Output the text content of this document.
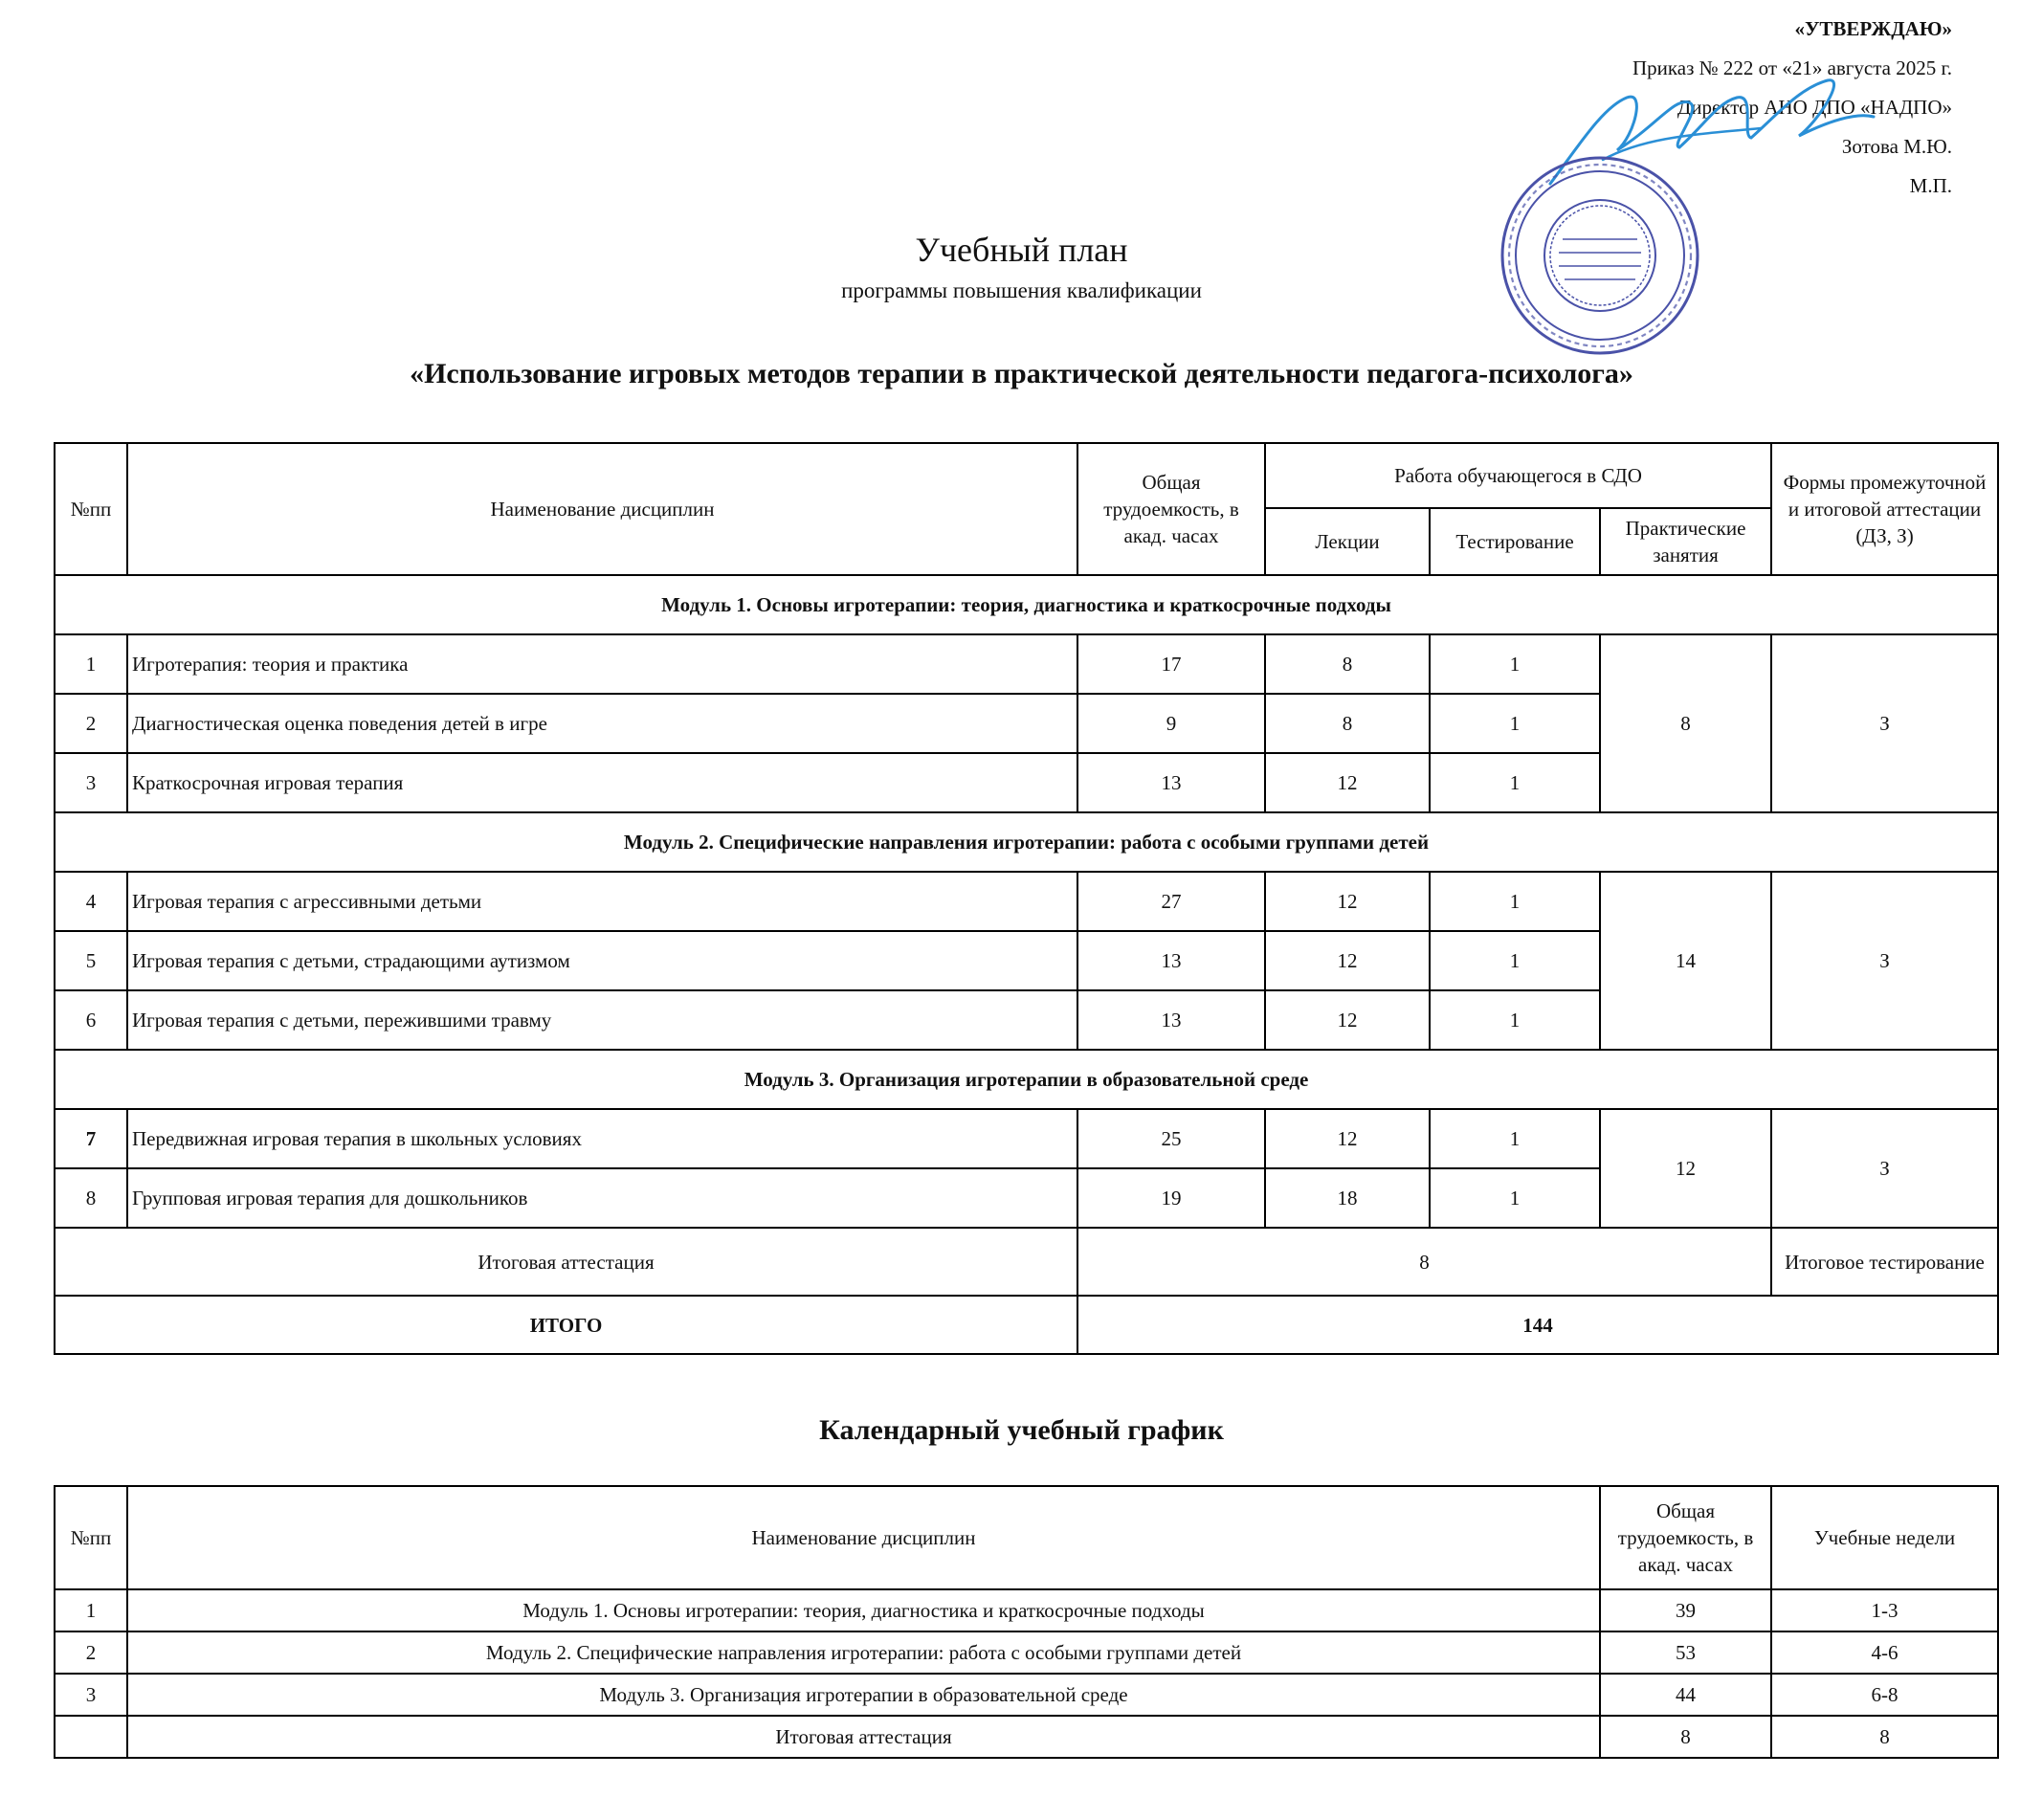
«УТВЕРЖДАЮ»
Приказ № 222 от «21» августа 2025 г.
Директор АНО ДПО «НАДПО»
Зотова М.Ю.
М.П.
Учебный план
программы повышения квалификации
«Использование игровых методов терапии в практической деятельности педагога-психолога»
№пп	Наименование дисциплин	Общая трудоемкость, в акад. часах	Работа обучающегося в СДО			Формы промежуточной и итоговой аттестации (ДЗ, З)
			Лекции	Тестирование	Практические занятия	
Модуль 1. Основы игротерапии: теория, диагностика и краткосрочные подходы						
1	Игротерапия: теория и практика	17	8	1	8	З
2	Диагностическая оценка поведения детей в игре	9	8	1		
3	Краткосрочная игровая терапия	13	12	1		
Модуль 2. Специфические направления игротерапии: работа с особыми группами детей						
4	Игровая терапия с агрессивными детьми	27	12	1	14	З
5	Игровая терапия с детьми, страдающими аутизмом	13	12	1		
6	Игровая терапия с детьми, пережившими травму	13	12	1		
Модуль 3. Организация игротерапии в образовательной среде						
7	Передвижная игровая терапия в школьных условиях	25	12	1	12	З
8	Групповая игровая терапия для дошкольников	19	18	1		
Итоговая аттестация		8				Итоговое тестирование
ИТОГО		144				
Календарный учебный график
№пп	Наименование дисциплин	Общая трудоемкость, в акад. часах	Учебные недели
1	Модуль 1. Основы игротерапии: теория, диагностика и краткосрочные подходы	39	1-3
2	Модуль 2. Специфические направления игротерапии: работа с особыми группами детей	53	4-6
3	Модуль 3. Организация игротерапии в образовательной среде	44	6-8
	Итоговая аттестация	8	8
